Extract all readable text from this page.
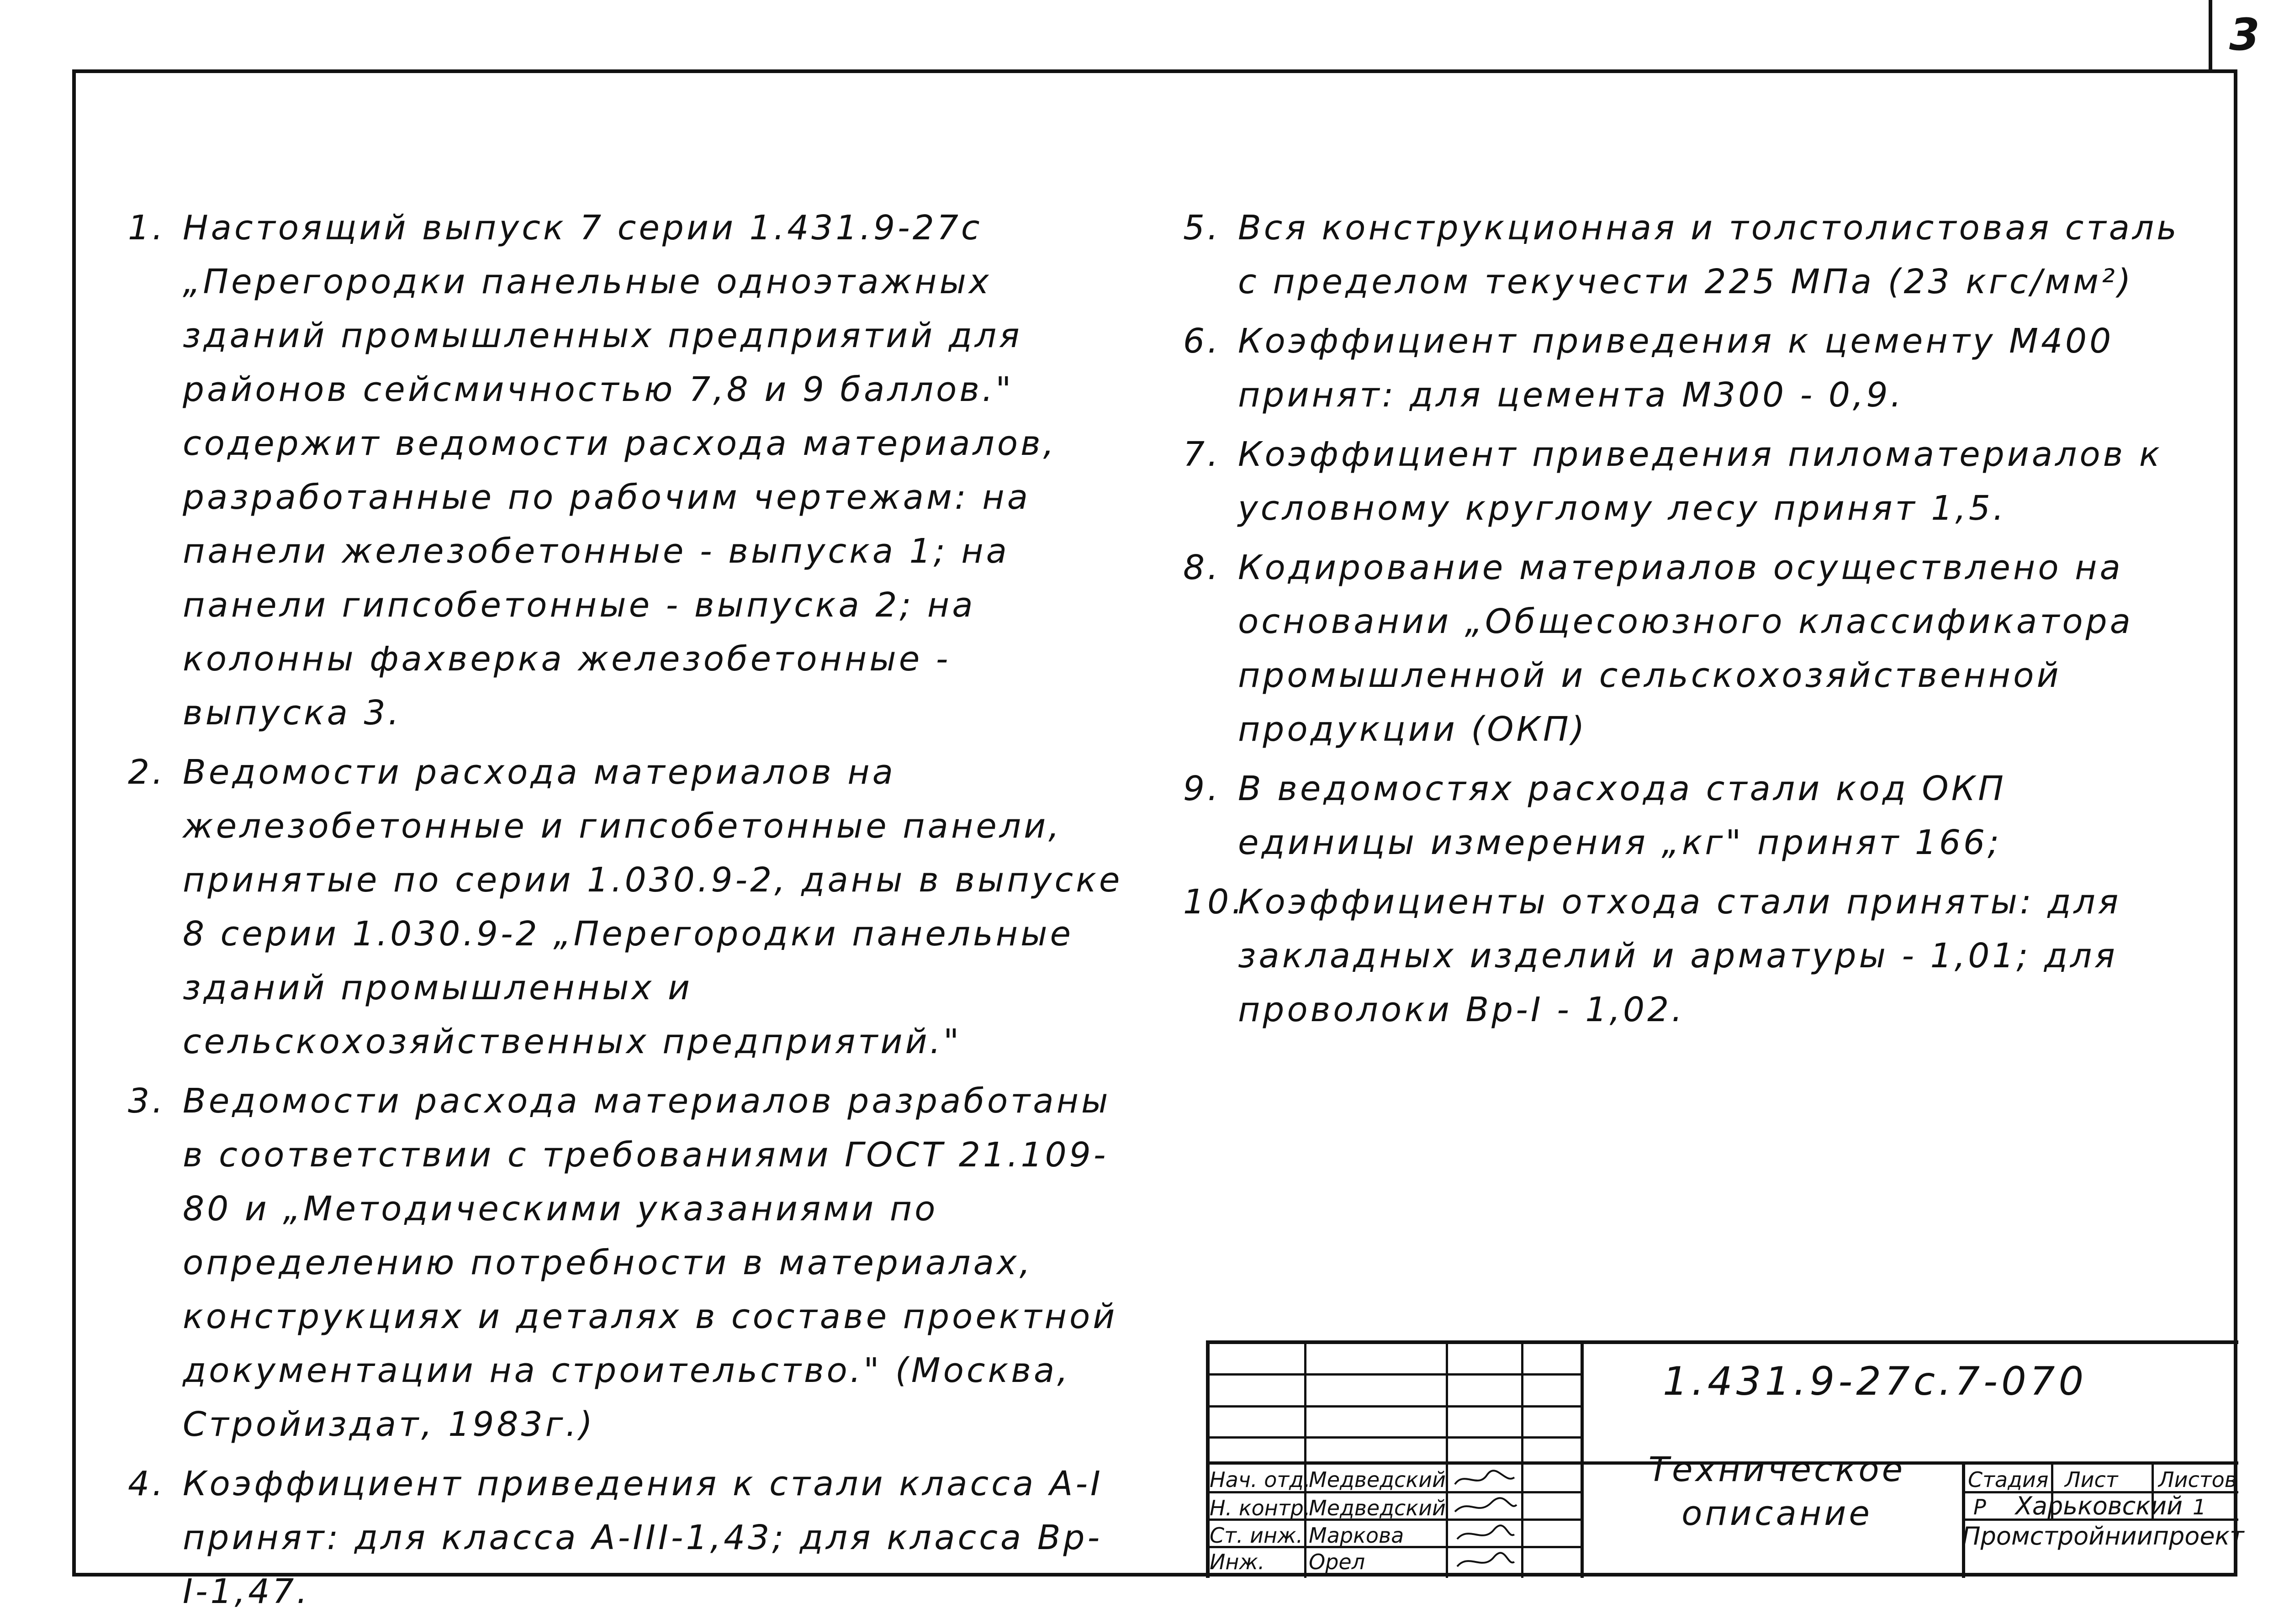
3
1. Настоящий выпуск 7 серии 1.431.9-27с „Перегородки панельные одноэтажных зданий промышленных предприятий для районов сейсмичностью 7,8 и 9 баллов." содержит ведомости расхода материалов, разработанные по рабочим чертежам: на панели железобетонные - выпуска 1; на панели гипсобетонные - выпуска 2; на колонны фахверка железобетонные - выпуска 3.
2. Ведомости расхода материалов на железобетонные и гипсобетонные панели, принятые по серии 1.030.9-2, даны в выпуске 8 серии 1.030.9-2 „Перегородки панельные зданий промышленных и сельскохозяйственных предприятий."
3. Ведомости расхода материалов разработаны в соответствии с требованиями ГОСТ 21.109-80 и „Методическими указаниями по определению потребности в материалах, конструкциях и деталях в составе проектной документации на строительство." (Москва, Стройиздат, 1983г.)
4. Коэффициент приведения к стали класса А-I принят: для класса А-III-1,43; для класса Вр-I-1,47.
5. Вся конструкционная и толстолистовая сталь с пределом текучести 225 МПа (23 кгс/мм²)
6. Коэффициент приведения к цементу М400 принят: для цемента М300 - 0,9.
7. Коэффициент приведения пиломатериалов к условному круглому лесу принят 1,5.
8. Кодирование материалов осуществлено на основании „Общесоюзного классификатора промышленной и сельскохозяйственной продукции (ОКП)
9. В ведомостях расхода стали код ОКП единицы измерения „кг" принят 166;
10.
Коэффициенты отхода стали приняты: для закладных изделий и арматуры - 1,01; для проволоки Вр-I - 1,02.
Нач. отд.
Медведский
Н. контр.
Медведский
Ст. инж. Маркова
Инж. Орел
Стадия Лист Листов
Р	1
1.431.9-27с.7-070
Техническое описание	Харьковский Промстройниипроект
